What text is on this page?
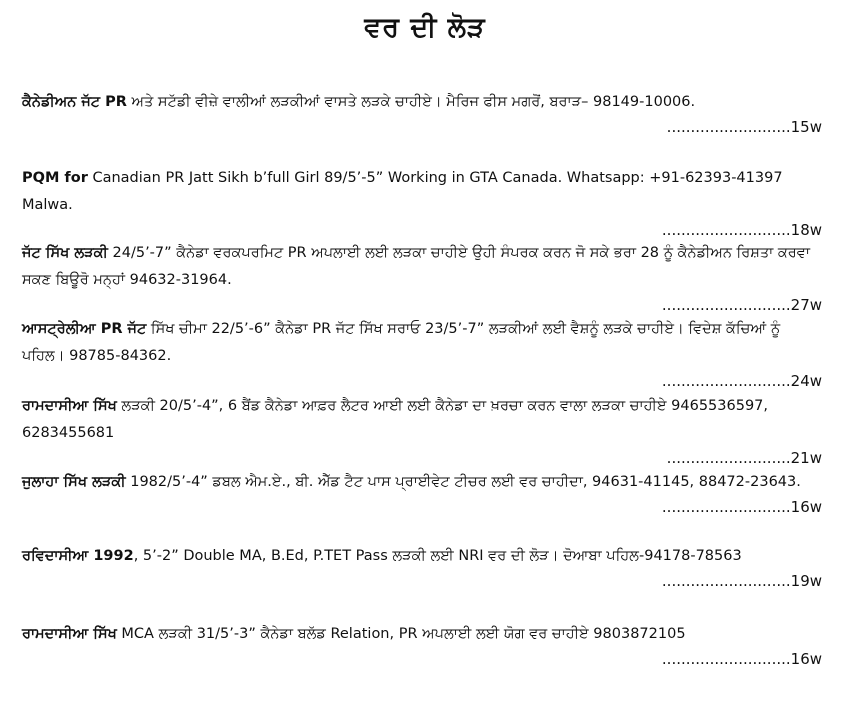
ਵਰ ਦੀ ਲੋੜ
ਕੈਨੇਡੀਅਨ ਜੱਟ PR ਅਤੇ ਸਟੱਡੀ ਵੀਜ਼ੇ ਵਾਲੀਆਂ ਲੜਕੀਆਂ ਵਾਸਤੇ ਲੜਕੇ ਚਾਹੀਏ। ਮੈਰਿਜ ਫੀਸ ਮਗਰੋਂ, ਬਰਾੜ– 98149-10006.
..........................15w
PQM for Canadian PR Jatt Sikh b’full Girl 89/5’-5” Working in GTA Canada. Whatsapp: +91-62393-41397 Malwa.
...........................18w
ਜੱਟ ਸਿੱਖ ਲੜਕੀ 24/5’-7” ਕੈਨੇਡਾ ਵਰਕਪਰਮਿਟ PR ਅਪਲਾਈ ਲਈ ਲੜਕਾ ਚਾਹੀਏ ਉਹੀ ਸੰਪਰਕ ਕਰਨ ਜੋ ਸਕੇ ਭਰਾ 28 ਨੂੰ ਕੈਨੇਡੀਅਨ ਰਿਸ਼ਤਾ ਕਰਵਾ ਸਕਣ ਬਿਊਰੋ ਮਨ੍ਹਾਂ 94632-31964.
...........................27w
ਆਸਟ੍ਰੇਲੀਆ PR ਜੱਟ ਸਿੱਖ ਚੀਮਾ 22/5’-6” ਕੈਨੇਡਾ PR ਜੱਟ ਸਿੱਖ ਸਰਾਓ 23/5’-7” ਲੜਕੀਆਂ ਲਈ ਵੈਸ਼ਨੂੰ ਲੜਕੇ ਚਾਹੀਏ। ਵਿਦੇਸ਼ ਕੱਚਿਆਂ ਨੂੰ ਪਹਿਲ। 98785-84362.
...........................24w
ਰਾਮਦਾਸੀਆ ਸਿੱਖ ਲੜਕੀ 20/5’-4”, 6 ਬੈਂਡ ਕੈਨੇਡਾ ਆਫ਼ਰ ਲੈਟਰ ਆਈ ਲਈ ਕੈਨੇਡਾ ਦਾ ਖ਼ਰਚਾ ਕਰਨ ਵਾਲਾ ਲੜਕਾ ਚਾਹੀਏ 9465536597, 6283455681
..........................21w
ਜੁਲਾਹਾ ਸਿੱਖ ਲੜਕੀ 1982/5’-4” ਡਬਲ ਐਮ.ਏ., ਬੀ. ਐੱਡ ਟੈਟ ਪਾਸ ਪ੍ਰਾਈਵੇਟ ਟੀਚਰ ਲਈ ਵਰ ਚਾਹੀਦਾ, 94631-41145, 88472-23643.
...........................16w
ਰਵਿਦਾਸੀਆ 1992, 5’-2” Double MA, B.Ed, P.TET Pass ਲੜਕੀ ਲਈ NRI ਵਰ ਦੀ ਲੋੜ। ਦੋਆਬਾ ਪਹਿਲ-94178-78563
...........................19w
ਰਾਮਦਾਸੀਆ ਸਿੱਖ MCA ਲੜਕੀ 31/5’-3” ਕੈਨੇਡਾ ਬਲੱਡ Relation, PR ਅਪਲਾਈ ਲਈ ਯੋਗ ਵਰ ਚਾਹੀਏ 9803872105
...........................16w
